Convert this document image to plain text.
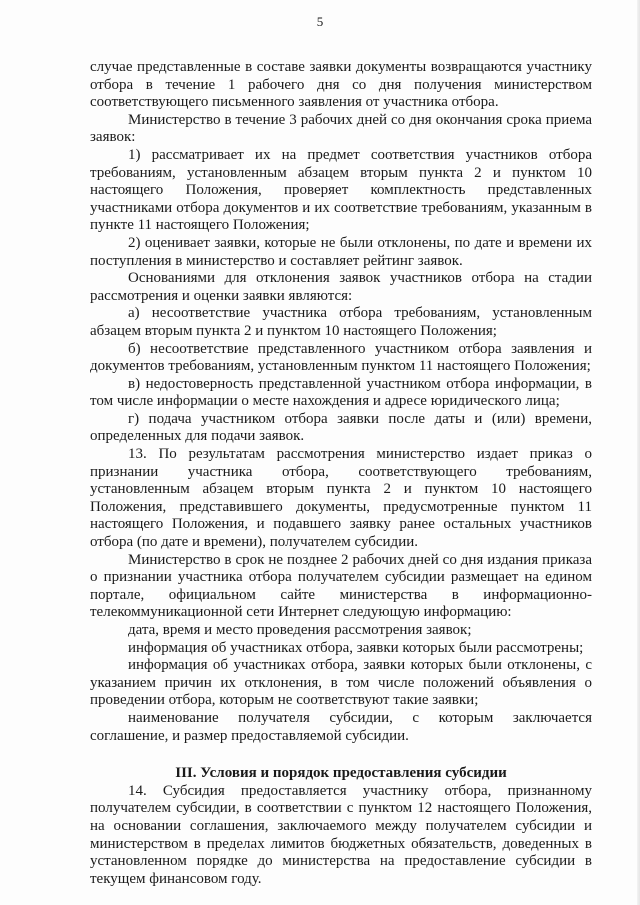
5

случае представленные в составе заявки документы возвращаются участнику отбора в течение 1 рабочего дня со дня получения министерством соответствующего письменного заявления от участника отбора.

Министерство в течение 3 рабочих дней со дня окончания срока приема заявок:

1) рассматривает их на предмет соответствия участников отбора требованиям, установленным абзацем вторым пункта 2 и пунктом 10 настоящего Положения, проверяет комплектность представленных участниками отбора документов и их соответствие требованиям, указанным в пункте 11 настоящего Положения;

2) оценивает заявки, которые не были отклонены, по дате и времени их поступления в министерство и составляет рейтинг заявок.

Основаниями для отклонения заявок участников отбора на стадии рассмотрения и оценки заявки являются:

а) несоответствие участника отбора требованиям, установленным абзацем вторым пункта 2 и пунктом 10 настоящего Положения;

б) несоответствие представленного участником отбора заявления и документов требованиям, установленным пунктом 11 настоящего Положения;

в) недостоверность представленной участником отбора информации, в том числе информации о месте нахождения и адресе юридического лица;

г) подача участником отбора заявки после даты и (или) времени, определенных для подачи заявок.

13. По результатам рассмотрения министерство издает приказ о признании участника отбора, соответствующего требованиям, установленным абзацем вторым пункта 2 и пунктом 10 настоящего Положения, представившего документы, предусмотренные пунктом 11 настоящего Положения, и подавшего заявку ранее остальных участников отбора (по дате и времени), получателем субсидии.

Министерство в срок не позднее 2 рабочих дней со дня издания приказа о признании участника отбора получателем субсидии размещает на едином портале, официальном сайте министерства в информационно-телекоммуникационной сети Интернет следующую информацию:

дата, время и место проведения рассмотрения заявок;

информация об участниках отбора, заявки которых были рассмотрены;

информация об участниках отбора, заявки которых были отклонены, с указанием причин их отклонения, в том числе положений объявления о проведении отбора, которым не соответствуют такие заявки;

наименование получателя субсидии, с которым заключается соглашение, и размер предоставляемой субсидии.

III. Условия и порядок предоставления субсидии

14. Субсидия предоставляется участнику отбора, признанному получателем субсидии, в соответствии с пунктом 12 настоящего Положения, на основании соглашения, заключаемого между получателем субсидии и министерством в пределах лимитов бюджетных обязательств, доведенных в установленном порядке до министерства на предоставление субсидии в текущем финансовом году.
